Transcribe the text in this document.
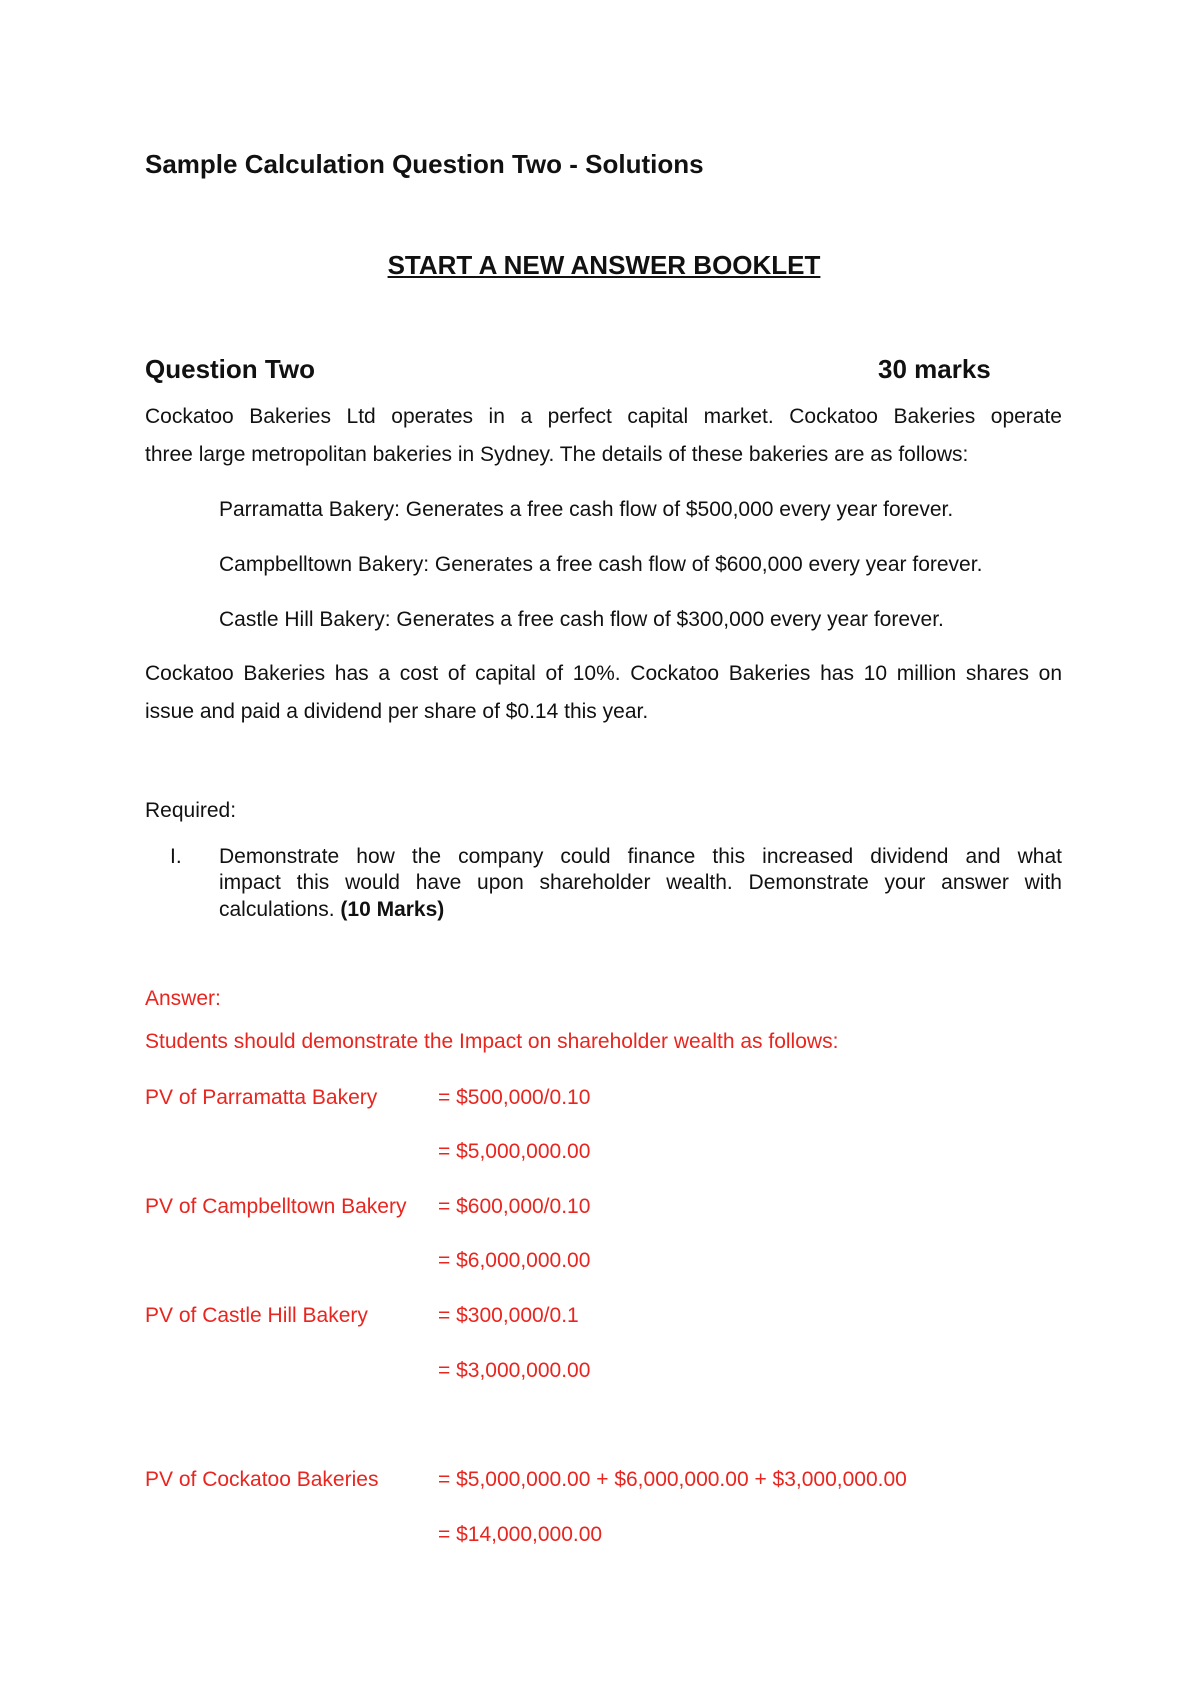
Sample Calculation Question Two - Solutions
START A NEW ANSWER BOOKLET
Question Two	30 marks
Cockatoo Bakeries Ltd operates in a perfect capital market. Cockatoo Bakeries operate
three large metropolitan bakeries in Sydney. The details of these bakeries are as follows:
Parramatta Bakery: Generates a free cash flow of $500,000 every year forever.
Campbelltown Bakery: Generates a free cash flow of $600,000 every year forever.
Castle Hill Bakery: Generates a free cash flow of $300,000 every year forever.
Cockatoo Bakeries has a cost of capital of 10%. Cockatoo Bakeries has 10 million shares on
issue and paid a dividend per share of $0.14 this year.
Required:
I. Demonstrate how the company could finance this increased dividend and what
impact this would have upon shareholder wealth. Demonstrate your answer with
calculations. (10 Marks)
Answer:
Students should demonstrate the Impact on shareholder wealth as follows:
PV of Parramatta Bakery	= $500,000/0.10
= $5,000,000.00
PV of Campbelltown Bakery = $600,000/0.10
= $6,000,000.00
PV of Castle Hill Bakery	= $300,000/0.1
= $3,000,000.00
PV of Cockatoo Bakeries	= $5,000,000.00 + $6,000,000.00 + $3,000,000.00
= $14,000,000.00
